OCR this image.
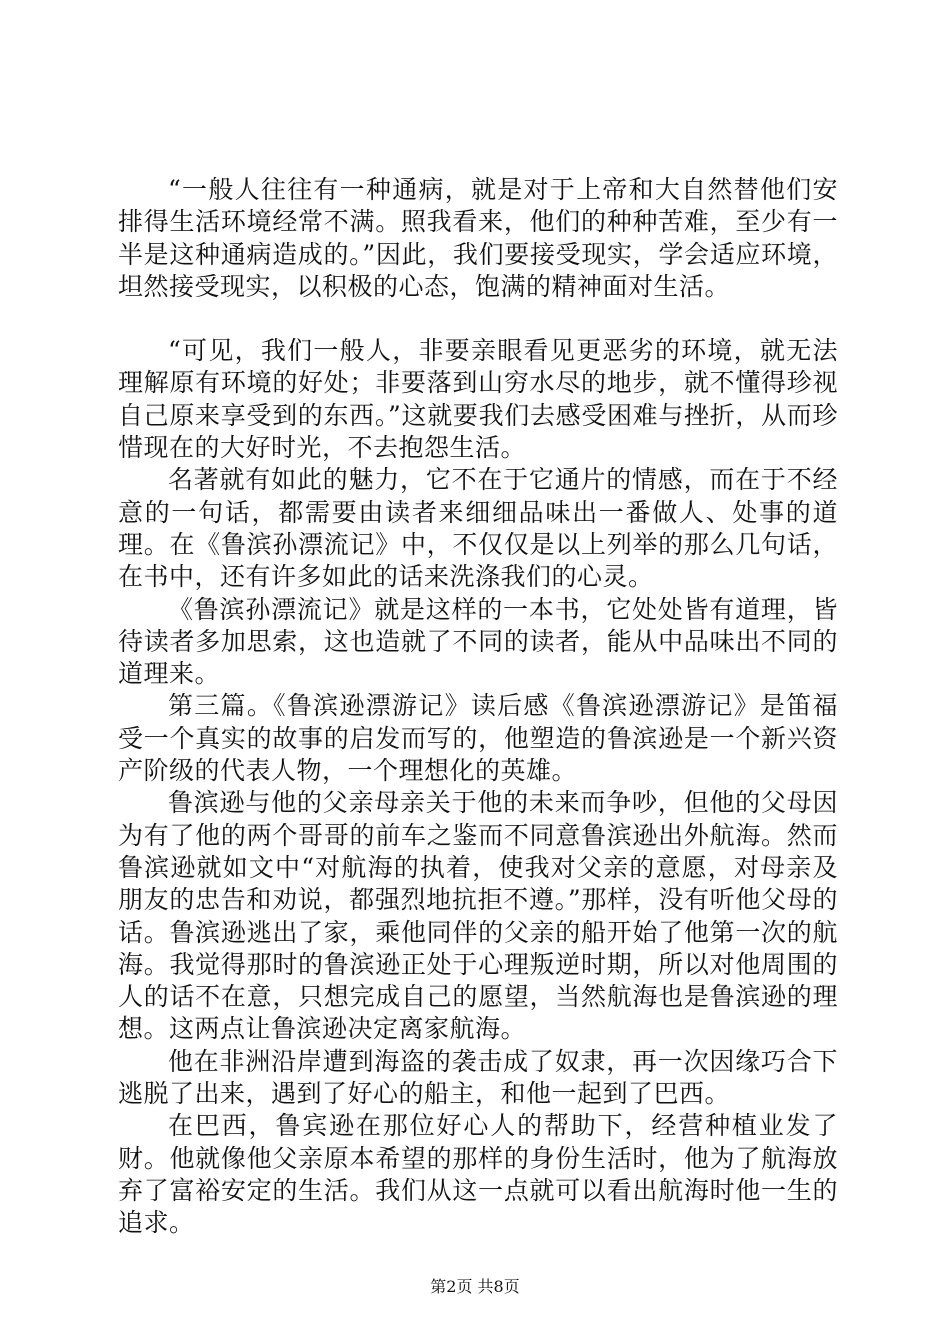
“一般人往往有一种通病，就是对于上帝和大自然替他们安排得生活环境经常不满。照我看来，他们的种种苦难，至少有一半是这种通病造成的。”因此，我们要接受现实，学会适应环境，坦然接受现实，以积极的心态，饱满的精神面对生活。

“可见，我们一般人，非要亲眼看见更恶劣的环境，就无法理解原有环境的好处；非要落到山穷水尽的地步，就不懂得珍视自己原来享受到的东西。”这就要我们去感受困难与挫折，从而珍惜现在的大好时光，不去抱怨生活。

名著就有如此的魅力，它不在于它通片的情感，而在于不经意的一句话，都需要由读者来细细品味出一番做人、处事的道理。在《鲁滨孙漂流记》中，不仅仅是以上列举的那么几句话，在书中，还有许多如此的话来洗涤我们的心灵。

《鲁滨孙漂流记》就是这样的一本书，它处处皆有道理，皆待读者多加思索，这也造就了不同的读者，能从中品味出不同的道理来。

第三篇。《鲁滨逊漂游记》读后感《鲁滨逊漂游记》是笛福受一个真实的故事的启发而写的，他塑造的鲁滨逊是一个新兴资产阶级的代表人物，一个理想化的英雄。

鲁滨逊与他的父亲母亲关于他的未来而争吵，但他的父母因为有了他的两个哥哥的前车之鉴而不同意鲁滨逊出外航海。然而鲁滨逊就如文中“对航海的执着，使我对父亲的意愿，对母亲及朋友的忠告和劝说，都强烈地抗拒不遵。”那样，没有听他父母的话。鲁滨逊逃出了家，乘他同伴的父亲的船开始了他第一次的航海。我觉得那时的鲁滨逊正处于心理叛逆时期，所以对他周围的人的话不在意，只想完成自己的愿望，当然航海也是鲁滨逊的理想。这两点让鲁滨逊决定离家航海。

他在非洲沿岸遭到海盗的袭击成了奴隶，再一次因缘巧合下逃脱了出来，遇到了好心的船主，和他一起到了巴西。

在巴西，鲁宾逊在那位好心人的帮助下，经营种植业发了财。他就像他父亲原本希望的那样的身份生活时，他为了航海放弃了富裕安定的生活。我们从这一点就可以看出航海时他一生的追求。

第2页 共8页
